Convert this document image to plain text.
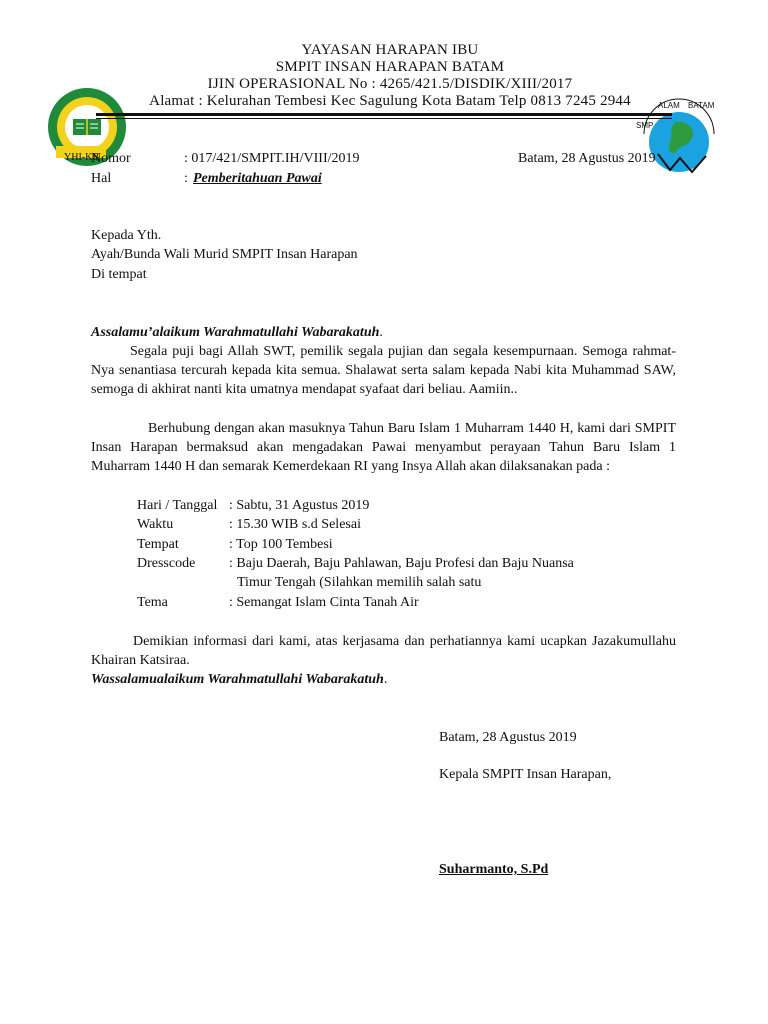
YHI-KB
ALAM BATAM
SMP
YAYASAN HARAPAN IBU
SMPIT INSAN HARAPAN BATAM
IJIN OPERASIONAL No : 4265/421.5/DISDIK/XIII/2017
Alamat : Kelurahan Tembesi Kec Sagulung Kota Batam Telp 0813 7245 2944
Nomor	: 017/421/SMPIT.IH/VIII/2019	Batam, 28 Agustus 2019
Hal	: Pemberitahuan Pawai
Kepada Yth.
Ayah/Bunda Wali Murid SMPIT Insan Harapan
Di tempat
Assalamu’alaikum Warahmatullahi Wabarakatuh.
Segala puji bagi Allah SWT, pemilik segala pujian dan segala kesempurnaan. Semoga rahmat-Nya senantiasa tercurah kepada kita semua. Shalawat serta salam kepada Nabi kita Muhammad SAW, semoga di akhirat nanti kita umatnya mendapat syafaat dari beliau. Aamiin..
Berhubung dengan akan masuknya Tahun Baru Islam 1 Muharram 1440 H, kami dari SMPIT Insan Harapan bermaksud akan mengadakan Pawai menyambut perayaan Tahun Baru Islam 1 Muharram 1440 H dan semarak Kemerdekaan RI yang Insya Allah akan dilaksanakan pada :
Hari / Tanggal : Sabtu, 31 Agustus 2019
Waktu	: 15.30 WIB s.d Selesai
Tempat	: Top 100 Tembesi
Dresscode : Baju Daerah, Baju Pahlawan, Baju Profesi dan Baju Nuansa
Timur Tengah (Silahkan memilih salah satu
Tema	: Semangat Islam Cinta Tanah Air
Demikian informasi dari kami, atas kerjasama dan perhatiannya kami ucapkan Jazakumullahu Khairan Katsiraa.
Wassalamualaikum Warahmatullahi Wabarakatuh.
Batam, 28 Agustus 2019
Kepala SMPIT Insan Harapan,
Suharmanto, S.Pd
